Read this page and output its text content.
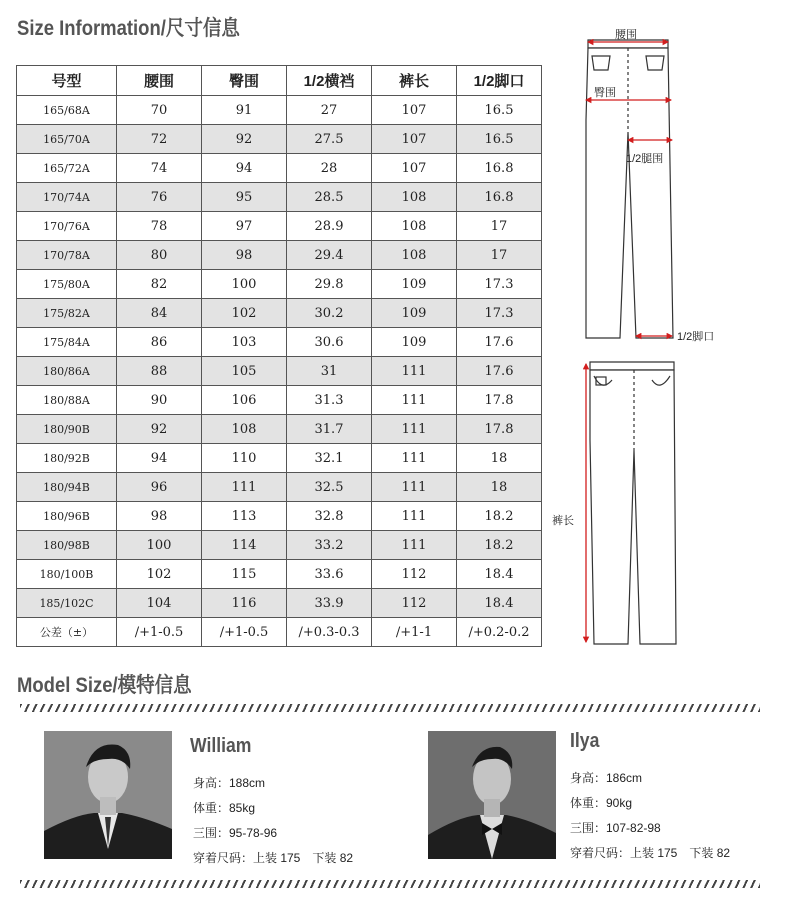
Size Information/尺寸信息
号型	腰围	臀围	1/2横裆	裤长	1/2脚口
165/68A	70	91	27	107	16.5
165/70A	72	92	27.5	107	16.5
165/72A	74	94	28	107	16.8
170/74A	76	95	28.5	108	16.8
170/76A	78	97	28.9	108	17
170/78A	80	98	29.4	108	17
175/80A	82	100	29.8	109	17.3
175/82A	84	102	30.2	109	17.3
175/84A	86	103	30.6	109	17.6
180/86A	88	105	31	111	17.6
180/88A	90	106	31.3	111	17.8
180/90B	92	108	31.7	111	17.8
180/92B	94	110	32.1	111	18
180/94B	96	111	32.5	111	18
180/96B	98	113	32.8	111	18.2
180/98B	100	114	33.2	111	18.2
180/100B	102	115	33.6	112	18.4
185/102C	104	116	33.9	112	18.4
公差（±）	/+1-0.5	/+1-0.5	/+0.3-0.3	/+1-1	/+0.2-0.2
腰围
臀围
1/2腿围
1/2脚口
裤长
Model Size/模特信息
William
身高：188cm
体重：85kg
三围：95-78-96
穿着尺码：上装 175　下装 82
Ilya
身高：186cm
体重：90kg
三围：107-82-98
穿着尺码：上装 175　下装 82
